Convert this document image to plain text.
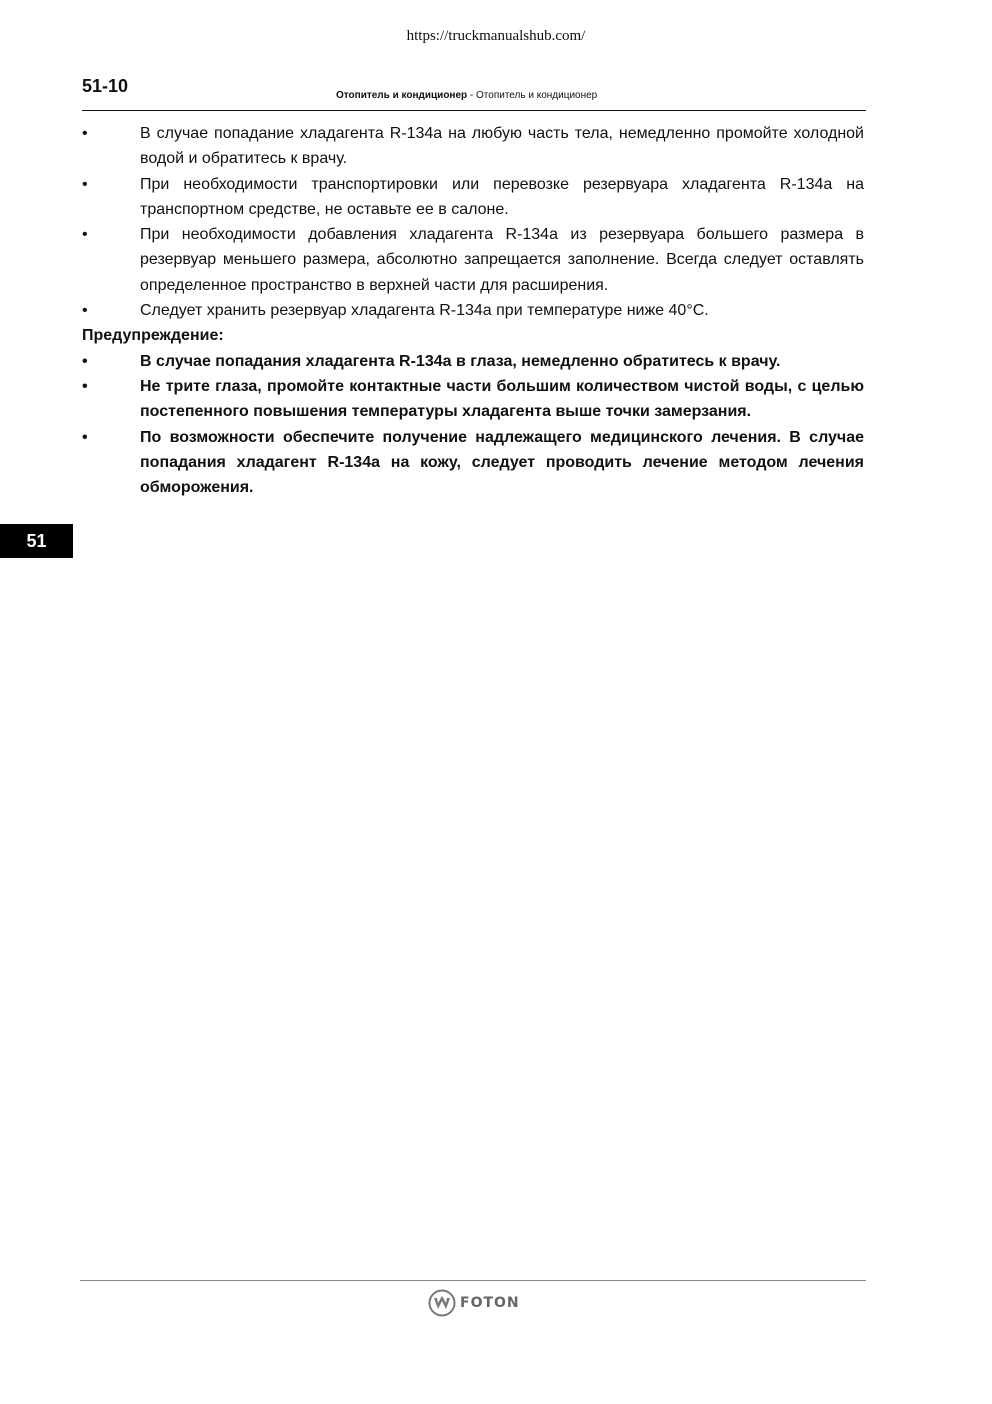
https://truckmanualshub.com/
51-10	Отопитель и кондиционер - Отопитель и кондиционер
•	В случае попадание хладагента R-134a на любую часть тела, немедленно промойте холодной водой и обратитесь к врачу.
•	При необходимости транспортировки или перевозке резервуара хладагента R-134a на транспортном средстве, не оставьте ее в салоне.
•	При необходимости добавления хладагента R-134a из резервуара большего размера в резервуар меньшего размера, абсолютно запрещается заполнение. Всегда следует оставлять определенное пространство в верхней части для расширения.
•	Следует хранить резервуар хладагента R-134a при температуре ниже 40°C.
Предупреждение:
•	В случае попадания хладагента R-134a в глаза, немедленно обратитесь к врачу.
•	Не трите глаза, промойте контактные части большим количеством чистой воды, с целью постепенного повышения температуры хладагента выше точки замерзания.
•	По возможности обеспечите получение надлежащего медицинского лечения. В случае попадания хладагент R-134a на кожу, следует проводить лечение методом лечения обморожения.
51
FOTON
